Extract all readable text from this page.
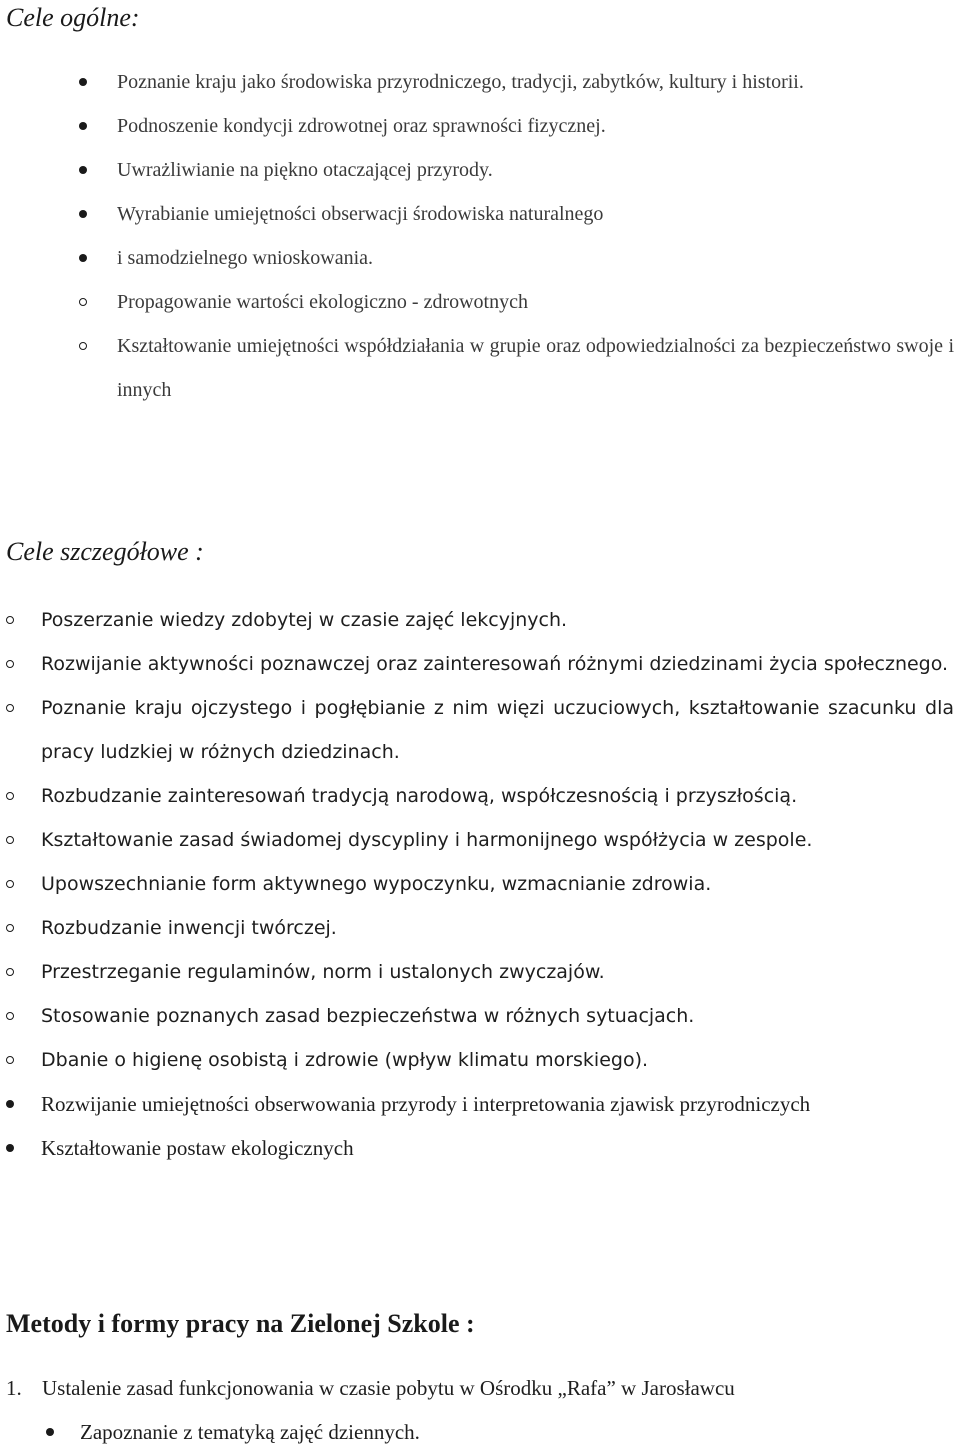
Cele ogólne:
Poznanie kraju jako środowiska przyrodniczego, tradycji, zabytków, kultury i historii.
Podnoszenie kondycji zdrowotnej oraz sprawności fizycznej.
Uwrażliwianie na piękno otaczającej przyrody.
Wyrabianie umiejętności obserwacji środowiska naturalnego
i samodzielnego wnioskowania.
Propagowanie wartości ekologiczno - zdrowotnych
Kształtowanie umiejętności współdziałania w grupie oraz odpowiedzialności za bezpieczeństwo swoje i innych
Cele szczegółowe :
Poszerzanie wiedzy zdobytej w czasie zajęć lekcyjnych.
Rozwijanie aktywności poznawczej oraz zainteresowań różnymi dziedzinami życia społecznego.
Poznanie kraju ojczystego i pogłębianie z nim więzi uczuciowych, kształtowanie szacunku dla pracy ludzkiej w różnych dziedzinach.
Rozbudzanie zainteresowań tradycją narodową, współczesnością i przyszłością.
Kształtowanie zasad świadomej dyscypliny i harmonijnego współżycia w zespole.
Upowszechnianie form aktywnego wypoczynku, wzmacnianie zdrowia.
Rozbudzanie inwencji twórczej.
Przestrzeganie regulaminów, norm i ustalonych zwyczajów.
Stosowanie poznanych zasad bezpieczeństwa w różnych sytuacjach.
Dbanie o higienę osobistą i zdrowie (wpływ klimatu morskiego).
Rozwijanie umiejętności obserwowania przyrody i interpretowania zjawisk przyrodniczych
Kształtowanie postaw ekologicznych
Metody i formy pracy na Zielonej Szkole :
1. Ustalenie zasad funkcjonowania w czasie pobytu w Ośrodku „Rafa” w Jarosławcu
Zapoznanie z tematyką zajęć dziennych.
